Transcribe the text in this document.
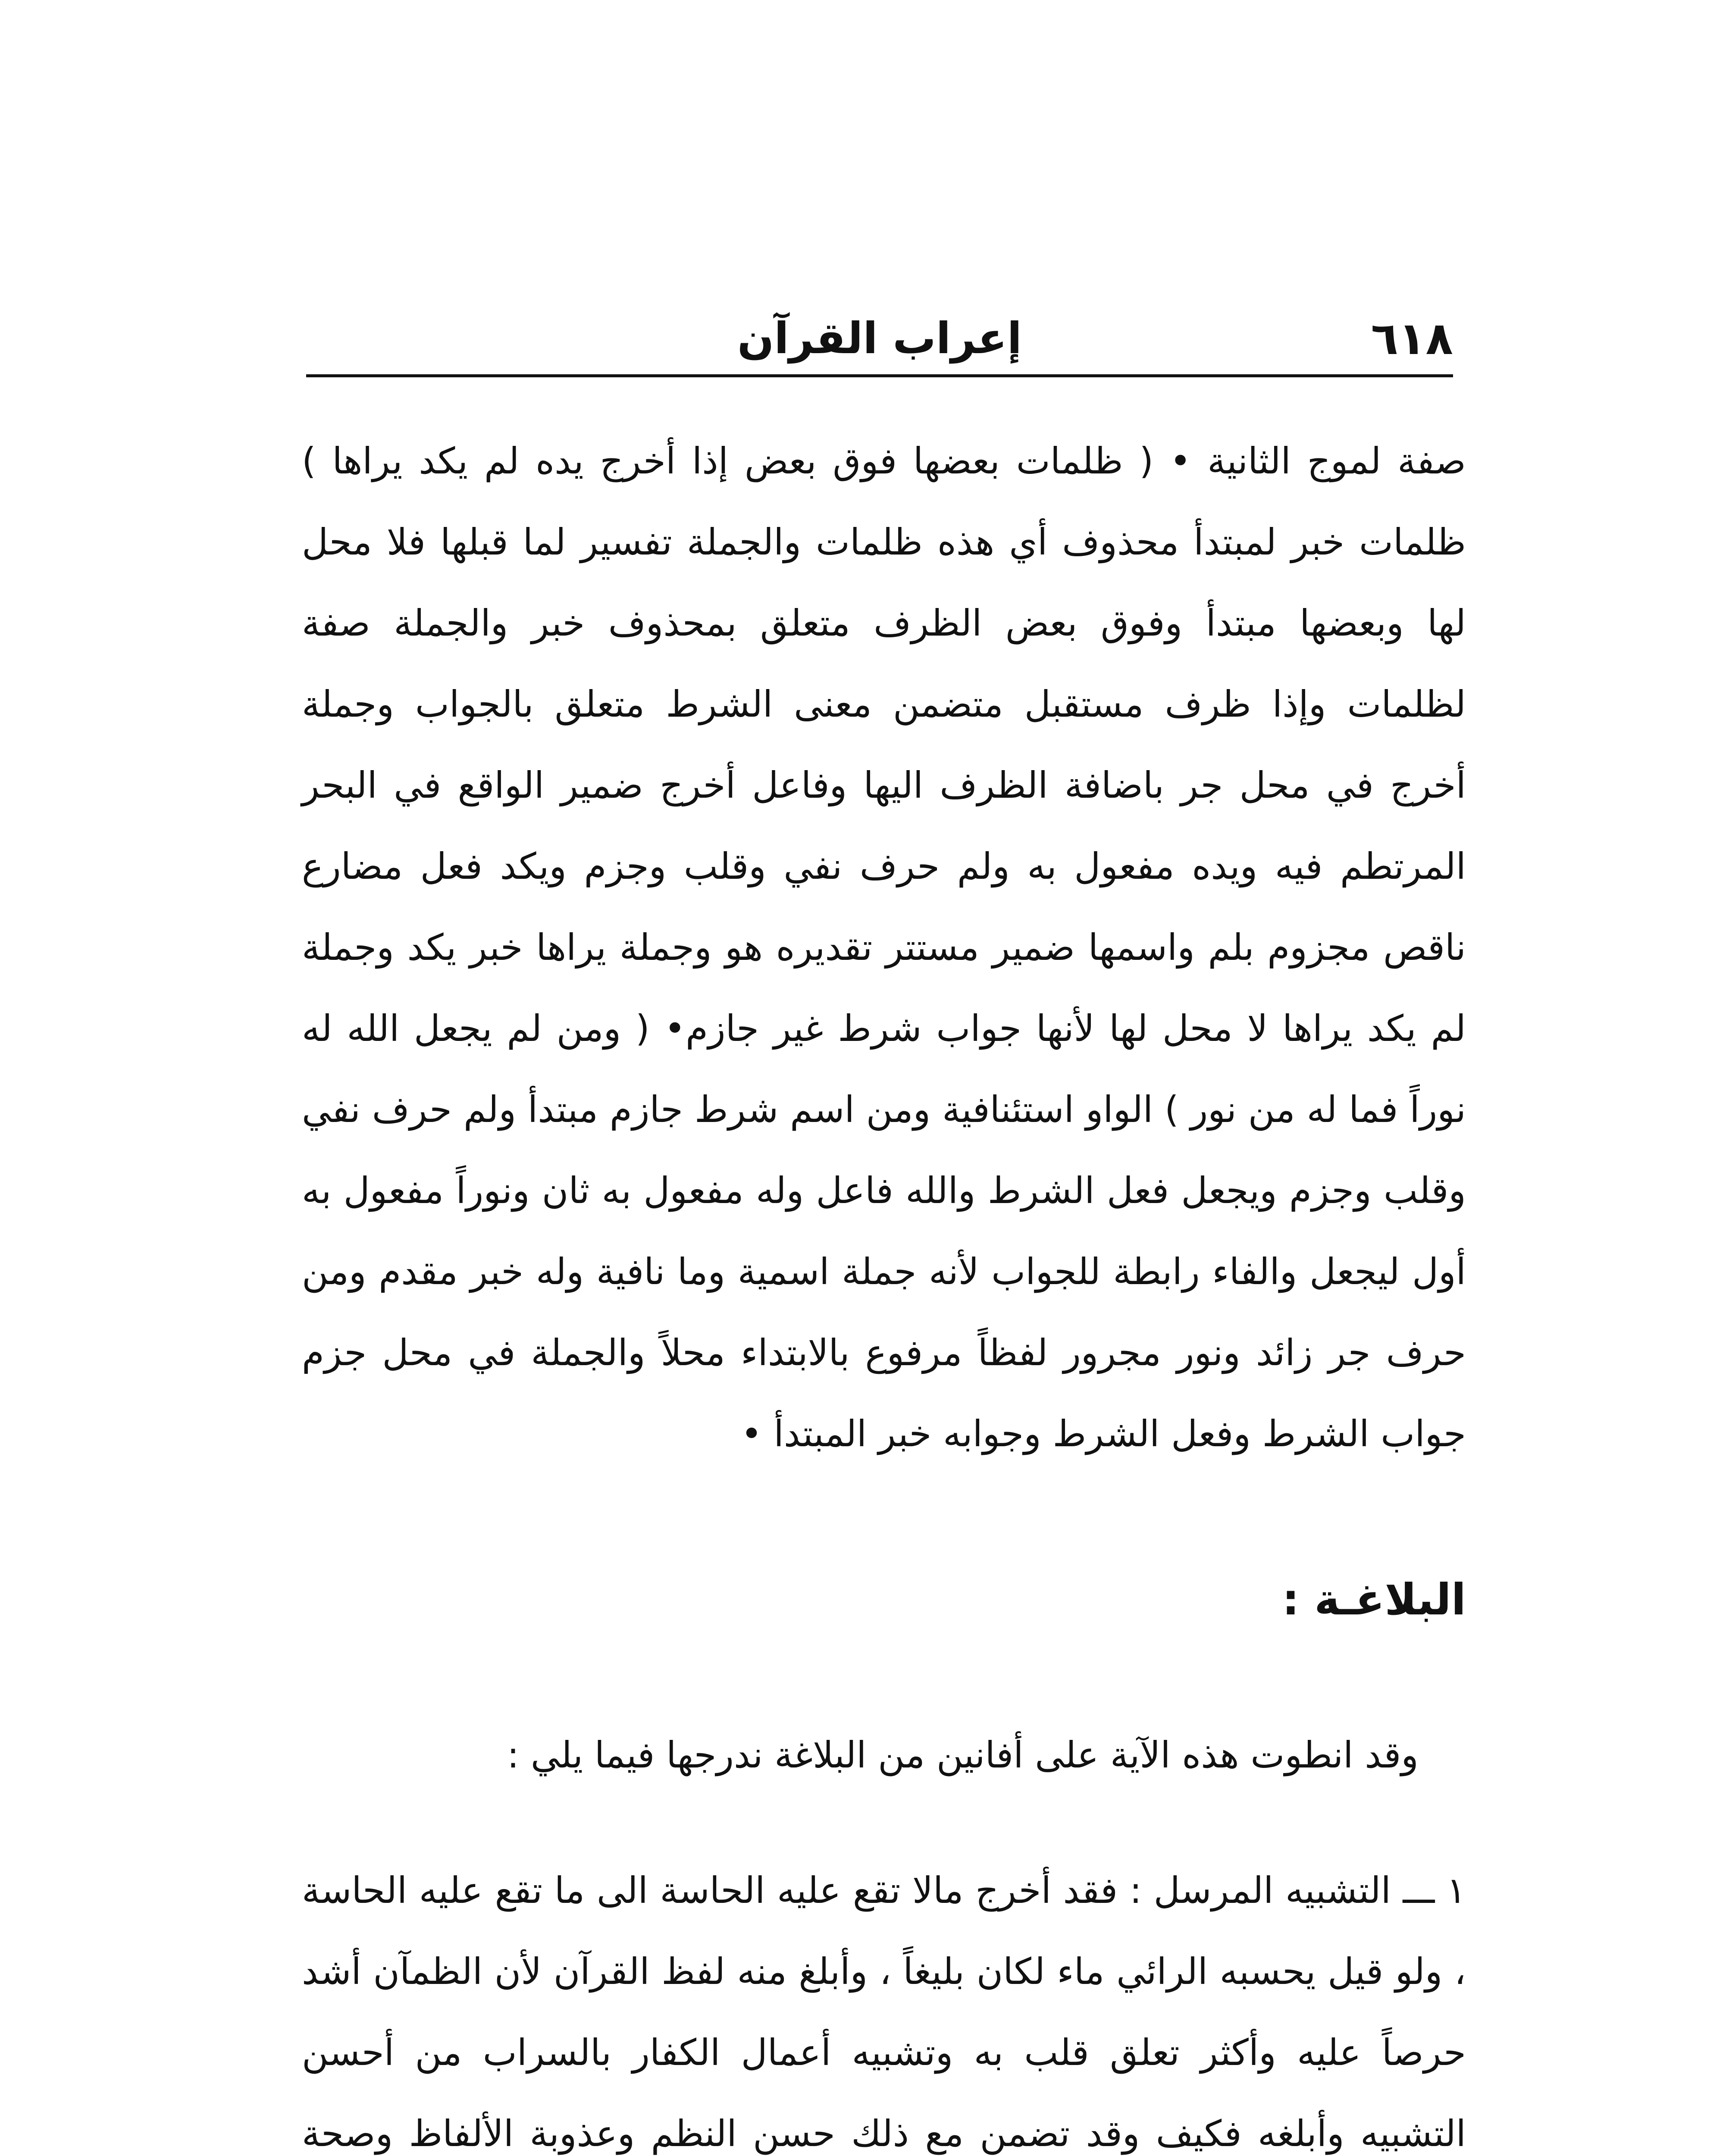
٦١٨
إعراب القرآن

صفة لموج الثانية • ( ظلمات بعضها فوق بعض إذا أخرج يده لم يكد يراها ) ظلمات خبر لمبتدأ محذوف أي هذه ظلمات والجملة تفسير لما قبلها فلا محل لها وبعضها مبتدأ وفوق بعض الظرف متعلق بمحذوف خبر والجملة صفة لظلمات وإذا ظرف مستقبل متضمن معنى الشرط متعلق بالجواب وجملة أخرج في محل جر باضافة الظرف اليها وفاعل أخرج ضمير الواقع في البحر المرتطم فيه ويده مفعول به ولم حرف نفي وقلب وجزم ويكد فعل مضارع ناقص مجزوم بلم واسمها ضمير مستتر تقديره هو وجملة يراها خبر يكد وجملة لم يكد يراها لا محل لها لأنها جواب شرط غير جازم• ( ومن لم يجعل الله له نوراً فما له من نور ) الواو استئنافية ومن اسم شرط جازم مبتدأ ولم حرف نفي وقلب وجزم ويجعل فعل الشرط والله فاعل وله مفعول به ثان ونوراً مفعول به أول ليجعل والفاء رابطة للجواب لأنه جملة اسمية وما نافية وله خبر مقدم ومن حرف جر زائد ونور مجرور لفظاً مرفوع بالابتداء محلاً والجملة في محل جزم جواب الشرط وفعل الشرط وجوابه خبر المبتدأ •

البلاغـة :

وقد انطوت هذه الآية على أفانين من البلاغة ندرجها فيما يلي :

١ ـــ التشبيه المرسل : فقد أخرج مالا تقع عليه الحاسة الى ما تقع عليه الحاسة ، ولو قيل يحسبه الرائي ماء لكان بليغاً ، وأبلغ منه لفظ القرآن لأن الظمآن أشد حرصاً عليه وأكثر تعلق قلب به وتشبيه أعمال الكفار بالسراب من أحسن التشبيه وأبلغه فكيف وقد تضمن مع ذلك حسن النظم وعذوبة الألفاظ وصحة
